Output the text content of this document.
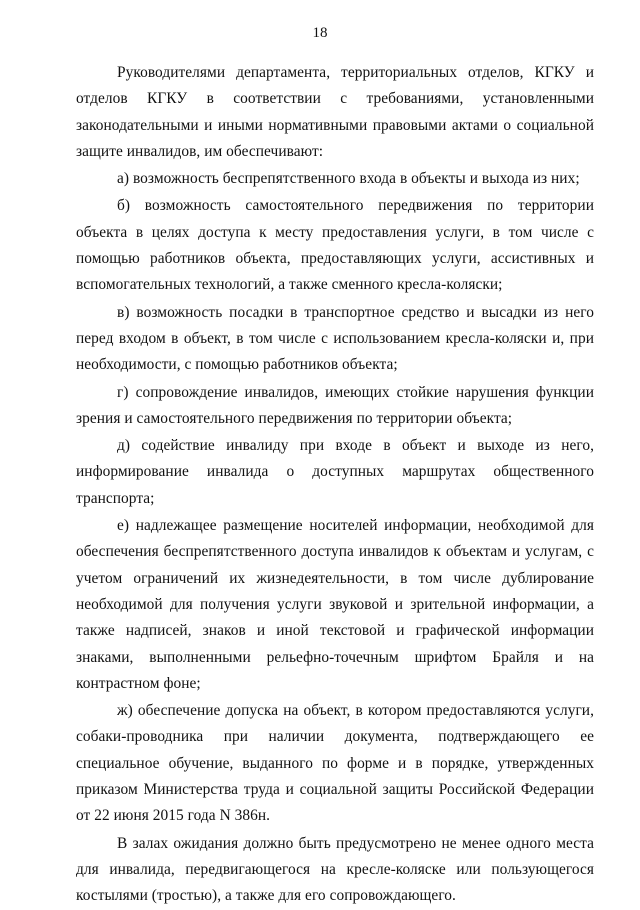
18

Руководителями департамента, территориальных отделов, КГКУ и отделов КГКУ в соответствии с требованиями, установленными законодательными и иными нормативными правовыми актами о социальной защите инвалидов, им обеспечивают:

а) возможность беспрепятственного входа в объекты и выхода из них;

б) возможность самостоятельного передвижения по территории объекта в целях доступа к месту предоставления услуги, в том числе с помощью работников объекта, предоставляющих услуги, ассистивных и вспомогательных технологий, а также сменного кресла-коляски;

в) возможность посадки в транспортное средство и высадки из него перед входом в объект, в том числе с использованием кресла-коляски и, при необходимости, с помощью работников объекта;

г) сопровождение инвалидов, имеющих стойкие нарушения функции зрения и самостоятельного передвижения по территории объекта;

д) содействие инвалиду при входе в объект и выходе из него, информирование инвалида о доступных маршрутах общественного транспорта;

е) надлежащее размещение носителей информации, необходимой для обеспечения беспрепятственного доступа инвалидов к объектам и услугам, с учетом ограничений их жизнедеятельности, в том числе дублирование необходимой для получения услуги звуковой и зрительной информации, а также надписей, знаков и иной текстовой и графической информации знаками, выполненными рельефно-точечным шрифтом Брайля и на контрастном фоне;

ж) обеспечение допуска на объект, в котором предоставляются услуги, собаки-проводника при наличии документа, подтверждающего ее специальное обучение, выданного по форме и в порядке, утвержденных приказом Министерства труда и социальной защиты Российской Федерации от 22 июня 2015 года N 386н.

В залах ожидания должно быть предусмотрено не менее одного места для инвалида, передвигающегося на кресле-коляске или пользующегося костылями (тростью), а также для его сопровождающего.
